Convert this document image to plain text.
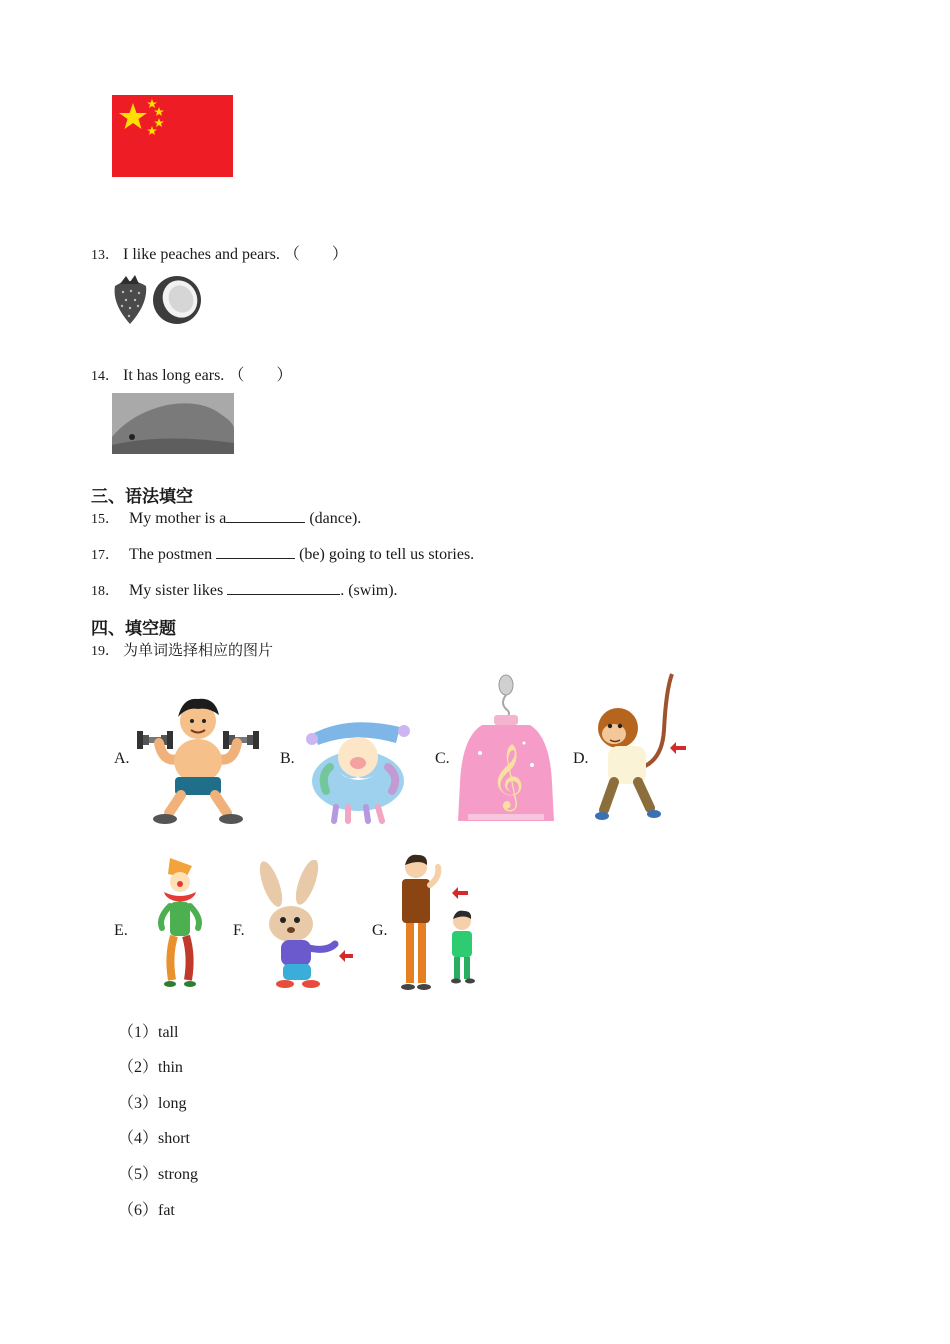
13． I like peaches and pears. （　　）
14． It has long ears. （　　）
三、语法填空
15． My mother is a	(dance).
17． The postmen	(be) going to tell us stories.
18． My sister likes	. (swim).
四、填空题
19． 为单词选择相应的图片
A.	B.	C.	D.
E.	F.	G.
𝄞
（1）tall
（2）thin
（3）long
（4）short
（5）strong
（6）fat
